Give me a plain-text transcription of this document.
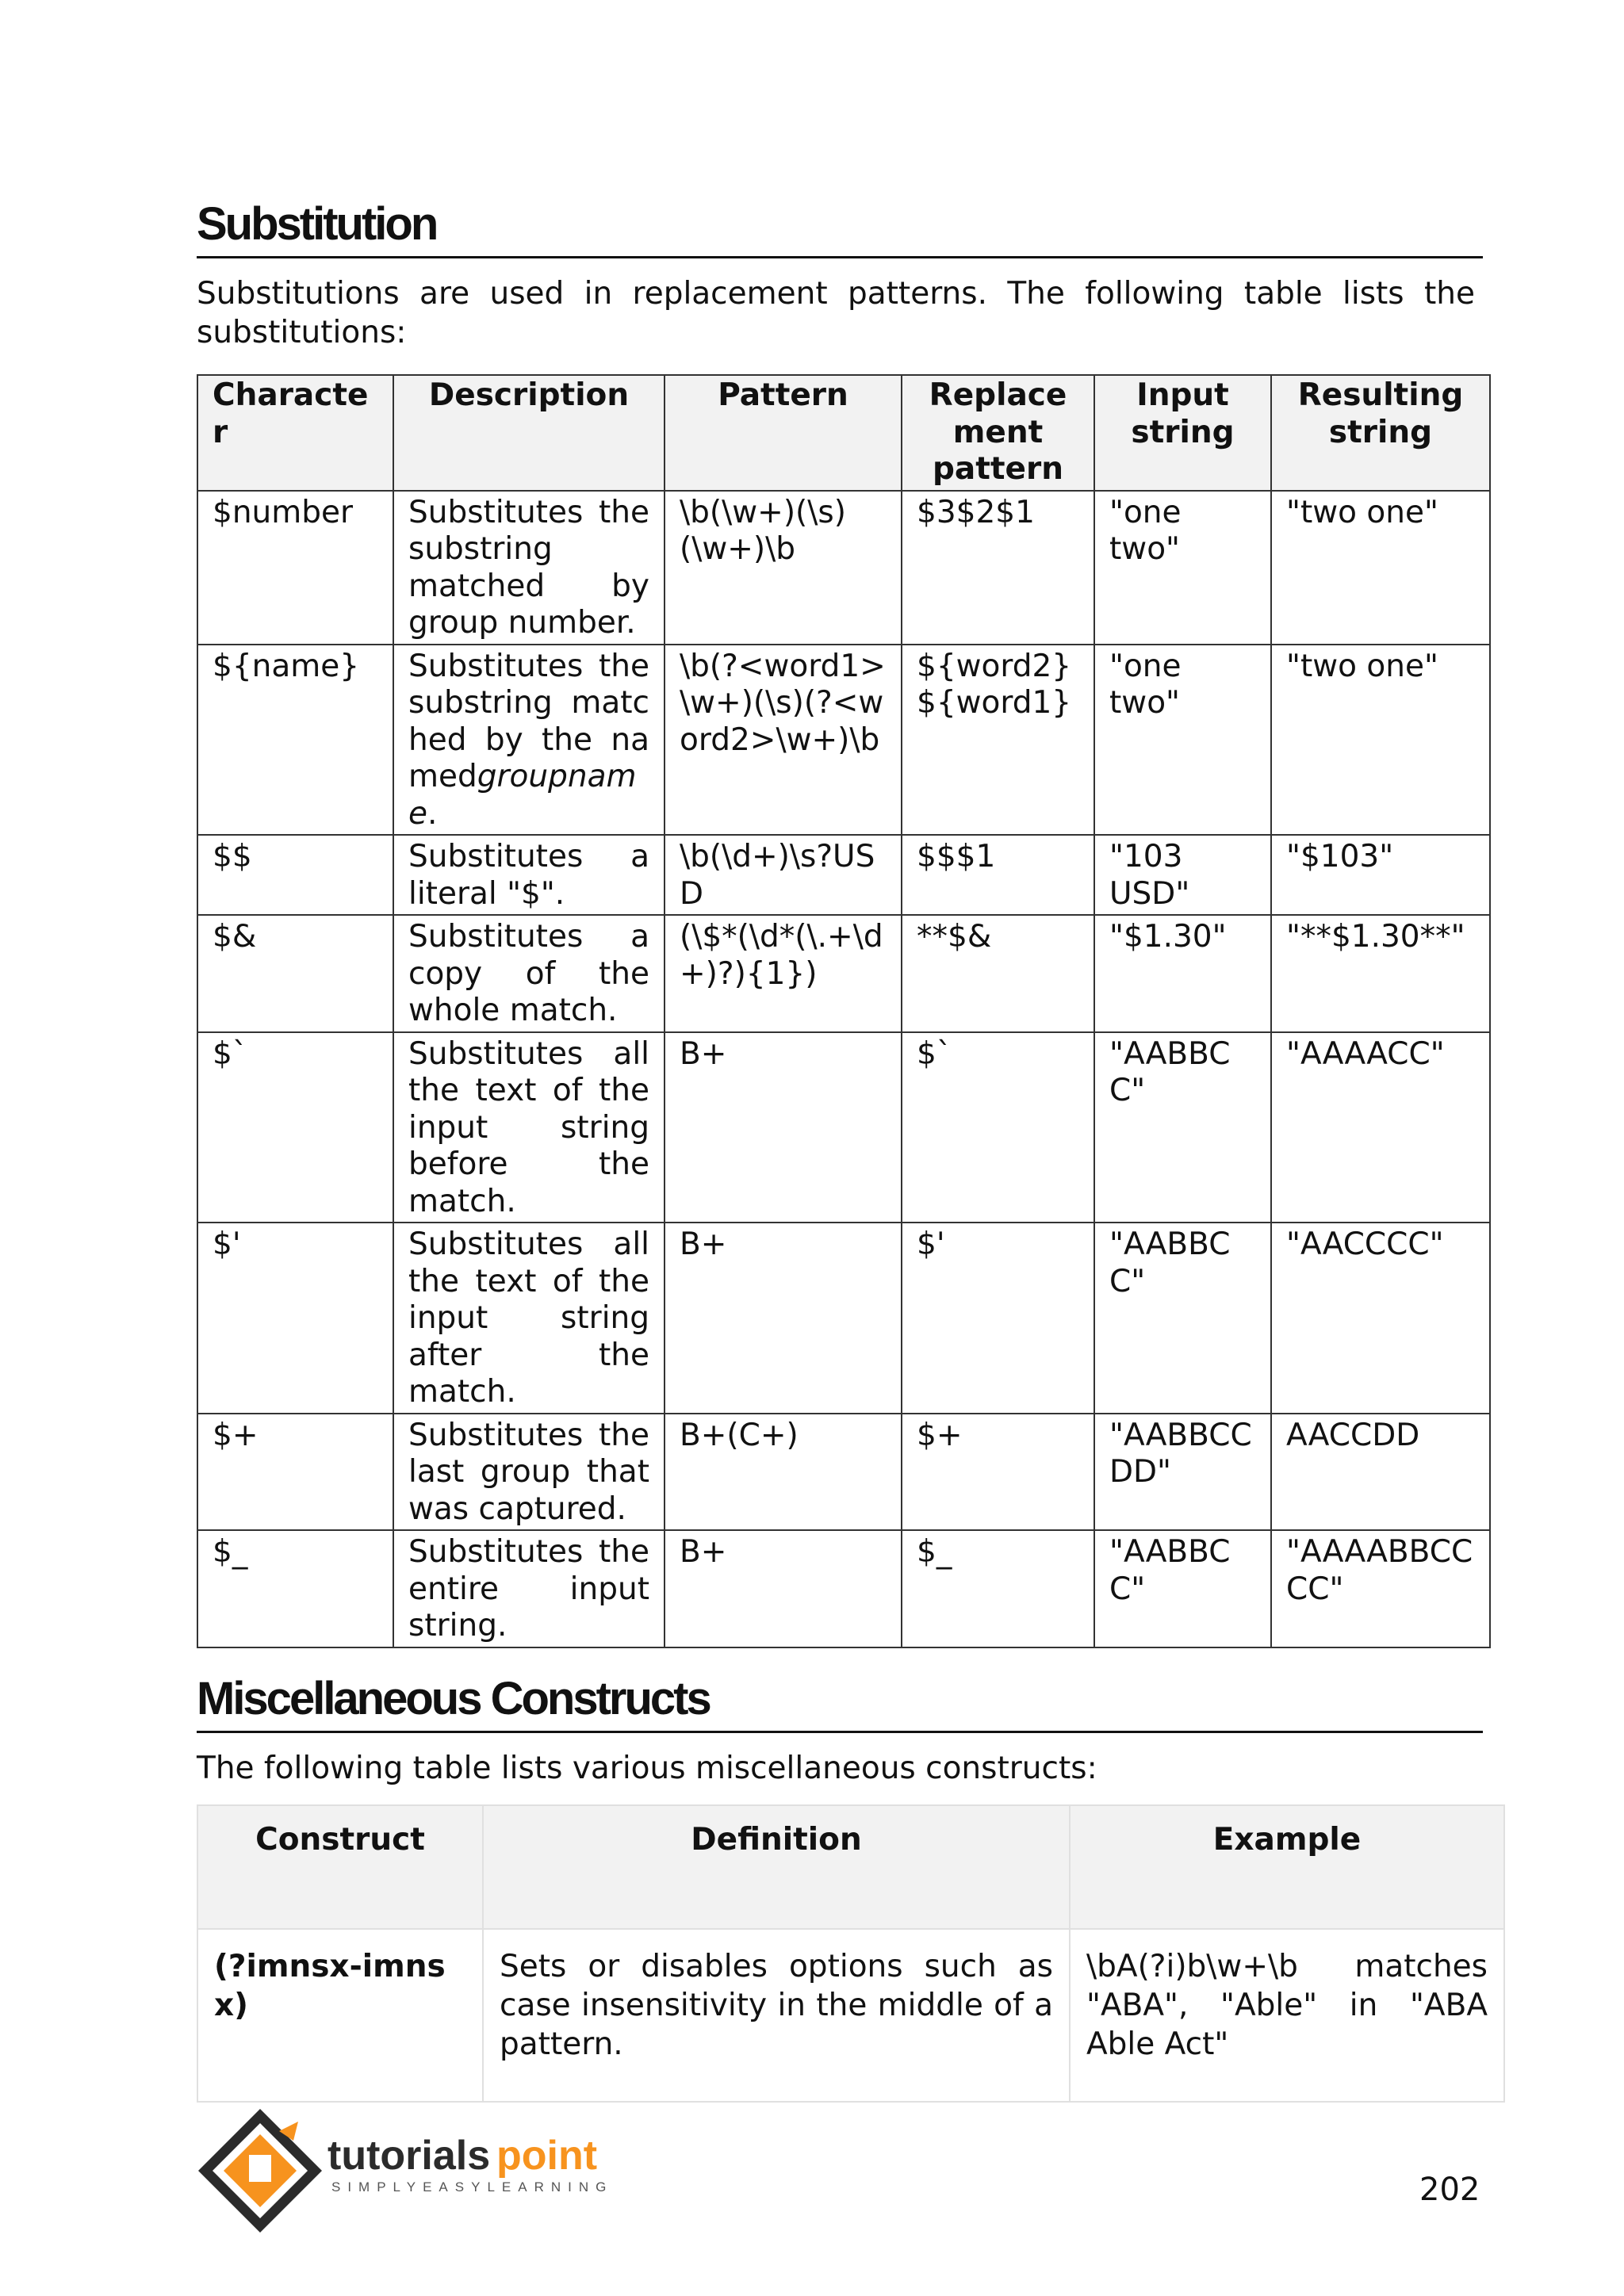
Substitution

Substitutions are used in replacement patterns. The following table lists the substitutions:

Character	Description	Pattern	Replace ment pattern	Input string	Resulting string
$number	Substitutes the substring matched by group number.	\b(\w+)(\s)(\w+)\b	$3$2$1	"one two"	"two one"
${name}	Substitutes the substring matched by the namedgroupname.	\b(?<word1>\w+)(\s)(?<word2>\w+)\b	${word2} ${word1}	"one two"	"two one"
$$	Substitutes a literal "$".	\b(\d+)\s?USD	$$$1	"103 USD"	"$103"
$&	Substitutes a copy of the whole match.	(\$*(\d*(\.+\d+)?){1})	**$&	"$1.30"	"**$1.30**"
$`	Substitutes all the text of the input string before the match.	B+	$`	"AABBCC"	"AAAACC"
$'	Substitutes all the text of the input string after the match.	B+	$'	"AABBCC"	"AACCCC"
$+	Substitutes the last group that was captured.	B+(C+)	$+	"AABBCCDD"	AACCDD
$_	Substitutes the entire input string.	B+	$_	"AABBCC"	"AAAABBCCCC"
Miscellaneous Constructs

The following table lists various miscellaneous constructs:

Construct	Definition	Example
(?imnsx-imnsx)	Sets or disables options such as case insensitivity in the middle of a pattern.	\bA(?i)b\w+\b matches "ABA", "Able" in "ABA Able Act"
tutorials point
SIMPLYEASYLEARNING	202
